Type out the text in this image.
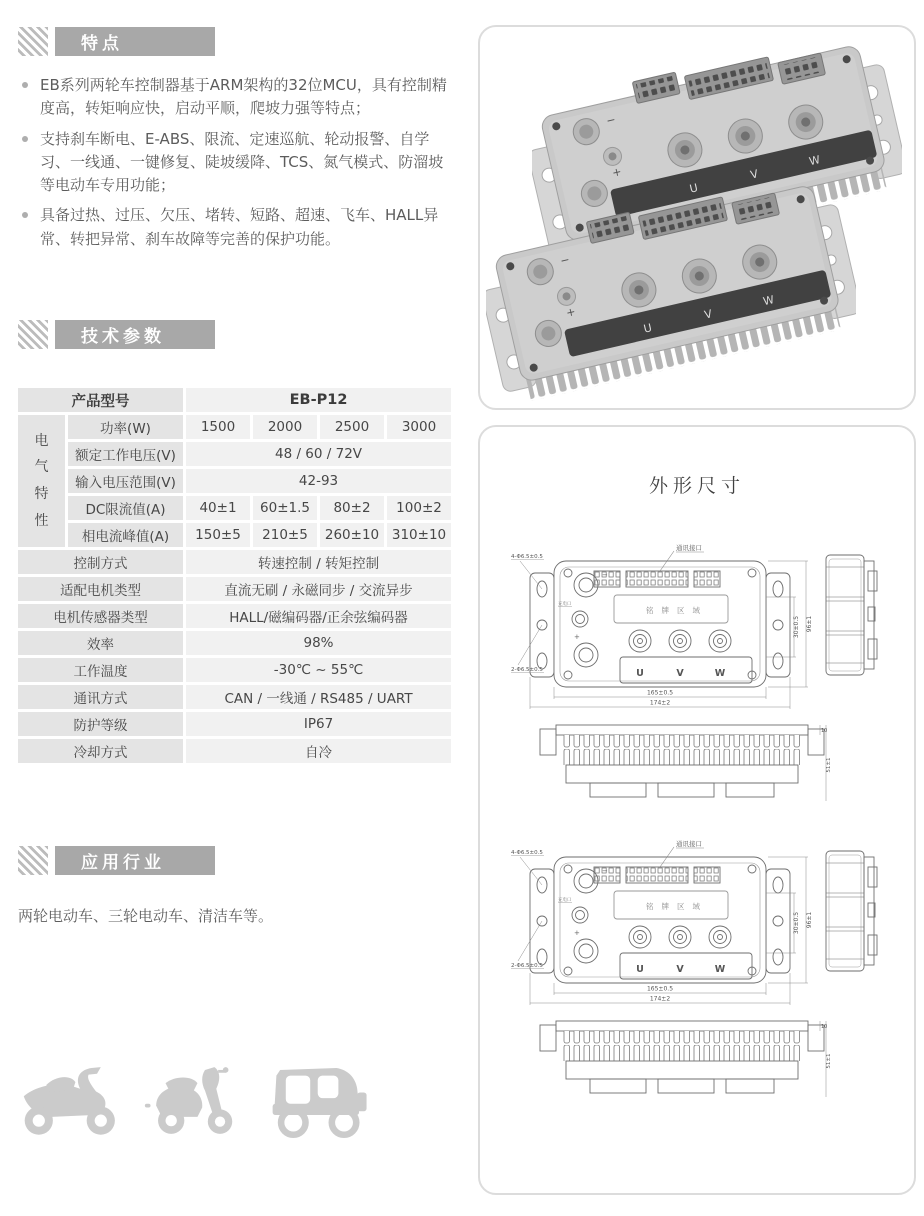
特点
EB系列两轮车控制器基于ARM架构的32位MCU，具有控制精度高，转矩响应快，启动平顺，爬坡力强等特点；
支持刹车断电、E-ABS、限流、定速巡航、轮动报警、自学习、一线通、一键修复、陡坡缓降、TCS、氮气模式、防溜坡等电动车专用功能；
具备过热、过压、欠压、堵转、短路、超速、飞车、HALL异常、转把异常、刹车故障等完善的保护功能。
技术参数
产品型号		EB-P12			

电气特性	功率(W)	1500	2000	2500	3000
	额定工作电压(V)	48 / 60 / 72V			
	输入电压范围(V)	42-93			
	DC限流值(A)	40±1	60±1.5	80±2	100±2
	相电流峰值(A)	150±5	210±5	260±10	310±10
控制方式		转速控制 / 转矩控制			
适配电机类型		直流无刷 / 永磁同步 / 交流异步			
电机传感器类型		HALL/磁编码器/正余弦编码器			
效率		98%			
工作温度		-30℃ ~ 55℃			
通讯方式		CAN / 一线通 / RS485 / UART			
防护等级		IP67			
冷却方式		自冷			
应用行业
两轮电动车、三轮电动车、清洁车等。
外形尺寸
